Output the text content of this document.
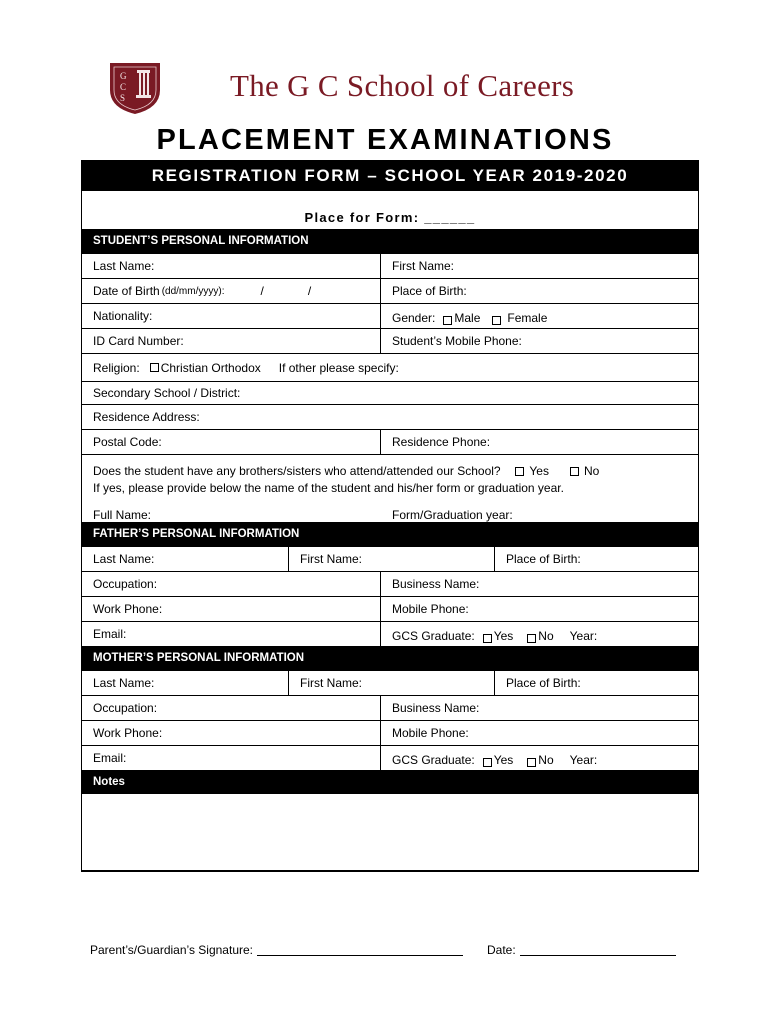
G
C
S	The G C School of Careers
PLACEMENT EXAMINATIONS
REGISTRATION FORM – SCHOOL YEAR 2019-2020
Place for Form: ______
STUDENT’S PERSONAL INFORMATION
Last Name:	First Name:
Date of Birth (dd/mm/yyyy):	/	/	Place of Birth:
Nationality:	Gender: Male Female
ID Card Number:	Student’s Mobile Phone:
Religion: Christian Orthodox If other please specify:
Secondary School / District:
Residence Address:
Postal Code:	Residence Phone:
Does the student have any brothers/sisters who attend/attended our School? Yes	No
If yes, please provide below the name of the student and his/her form or graduation year.
Full Name:	Form/Graduation year:
FATHER’S PERSONAL INFORMATION
Last Name:	First Name:	Place of Birth:
Occupation:	Business Name:
Work Phone:	Mobile Phone:
Email:	GCS Graduate: Yes No Year:
MOTHER’S PERSONAL INFORMATION
Last Name:	First Name:	Place of Birth:
Occupation:	Business Name:
Work Phone:	Mobile Phone:
Email:	GCS Graduate: Yes No Year:
Notes
Parent’s/Guardian’s Signature:	Date:
